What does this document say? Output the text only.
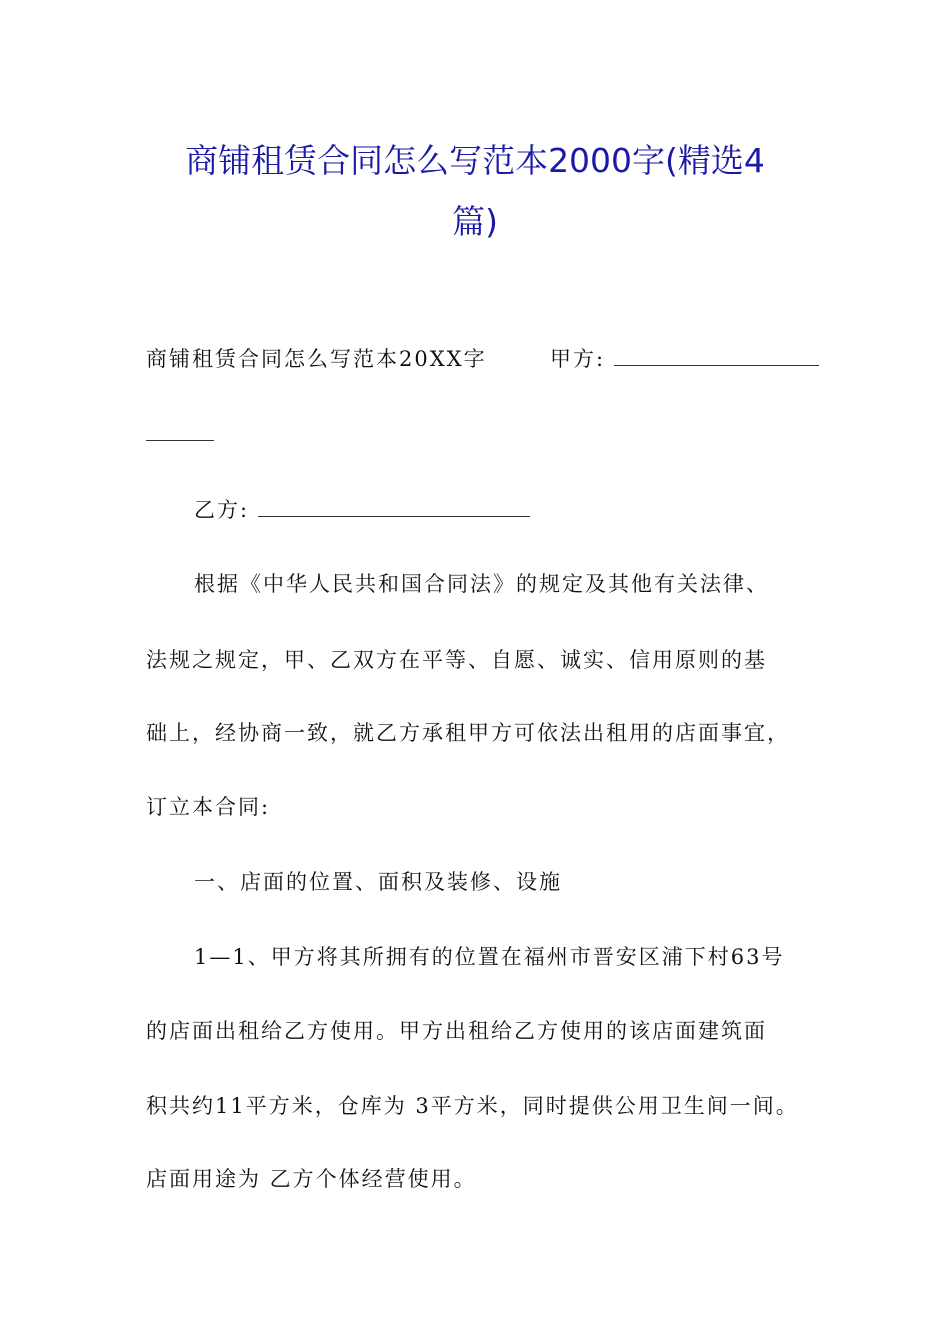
商铺租赁合同怎么写范本2000字(精选4
篇)
商铺租赁合同怎么写范本20XX字	甲方:
乙方:
根据《中华人民共和国合同法》的规定及其他有关法律、
法规之规定，甲、乙双方在平等、自愿、诚实、信用原则的基
础上，经协商一致，就乙方承租甲方可依法出租用的店面事宜，
订立本合同:
一、店面的位置、面积及装修、设施
1—1、甲方将其所拥有的位置在福州市晋安区浦下村63号
的店面出租给乙方使用。甲方出租给乙方使用的该店面建筑面
积共约11平方米，仓库为 3平方米，同时提供公用卫生间一间。
店面用途为 乙方个体经营使用。
